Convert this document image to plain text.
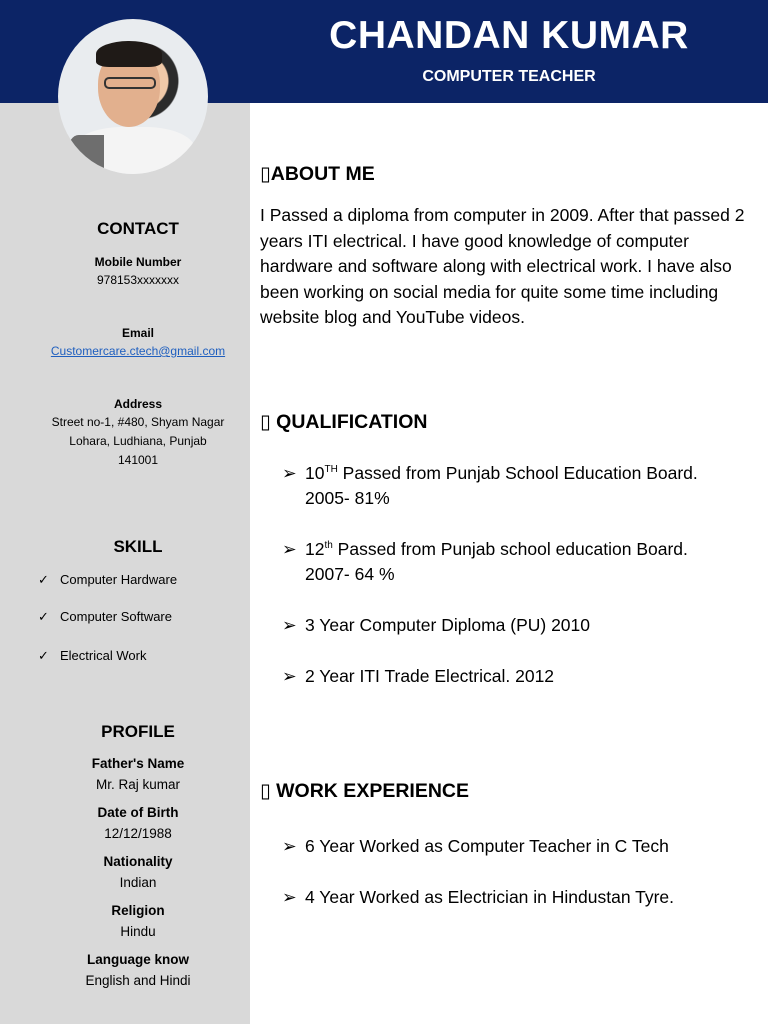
CHANDAN KUMAR
COMPUTER TEACHER
CONTACT
Mobile Number
978153xxxxxxx
Email
Customercare.ctech@gmail.com
Address
Street no-1, #480, Shyam Nagar
Lohara, Ludhiana, Punjab
141001
SKILL
✓ Computer Hardware
✓ Computer Software
✓ Electrical Work
PROFILE
Father's Name
Mr. Raj kumar
Date of Birth
12/12/1988
Nationality
Indian
Religion
Hindu
Language know
English and Hindi
▯ABOUT ME
I Passed a diploma from computer in 2009. After that passed 2 years ITI electrical. I have good knowledge of computer hardware and software along with electrical work. I have also been working on social media for quite some time including website blog and YouTube videos.
▯ QUALIFICATION
➢ 10TH Passed from Punjab School Education Board.
2005- 81%
➢ 12th Passed from Punjab school education Board.
2007- 64 %
➢ 3 Year Computer Diploma (PU) 2010
➢ 2 Year ITI Trade Electrical. 2012
▯ WORK EXPERIENCE
➢ 6 Year Worked as Computer Teacher in C Tech
➢ 4 Year Worked as Electrician in Hindustan Tyre.
